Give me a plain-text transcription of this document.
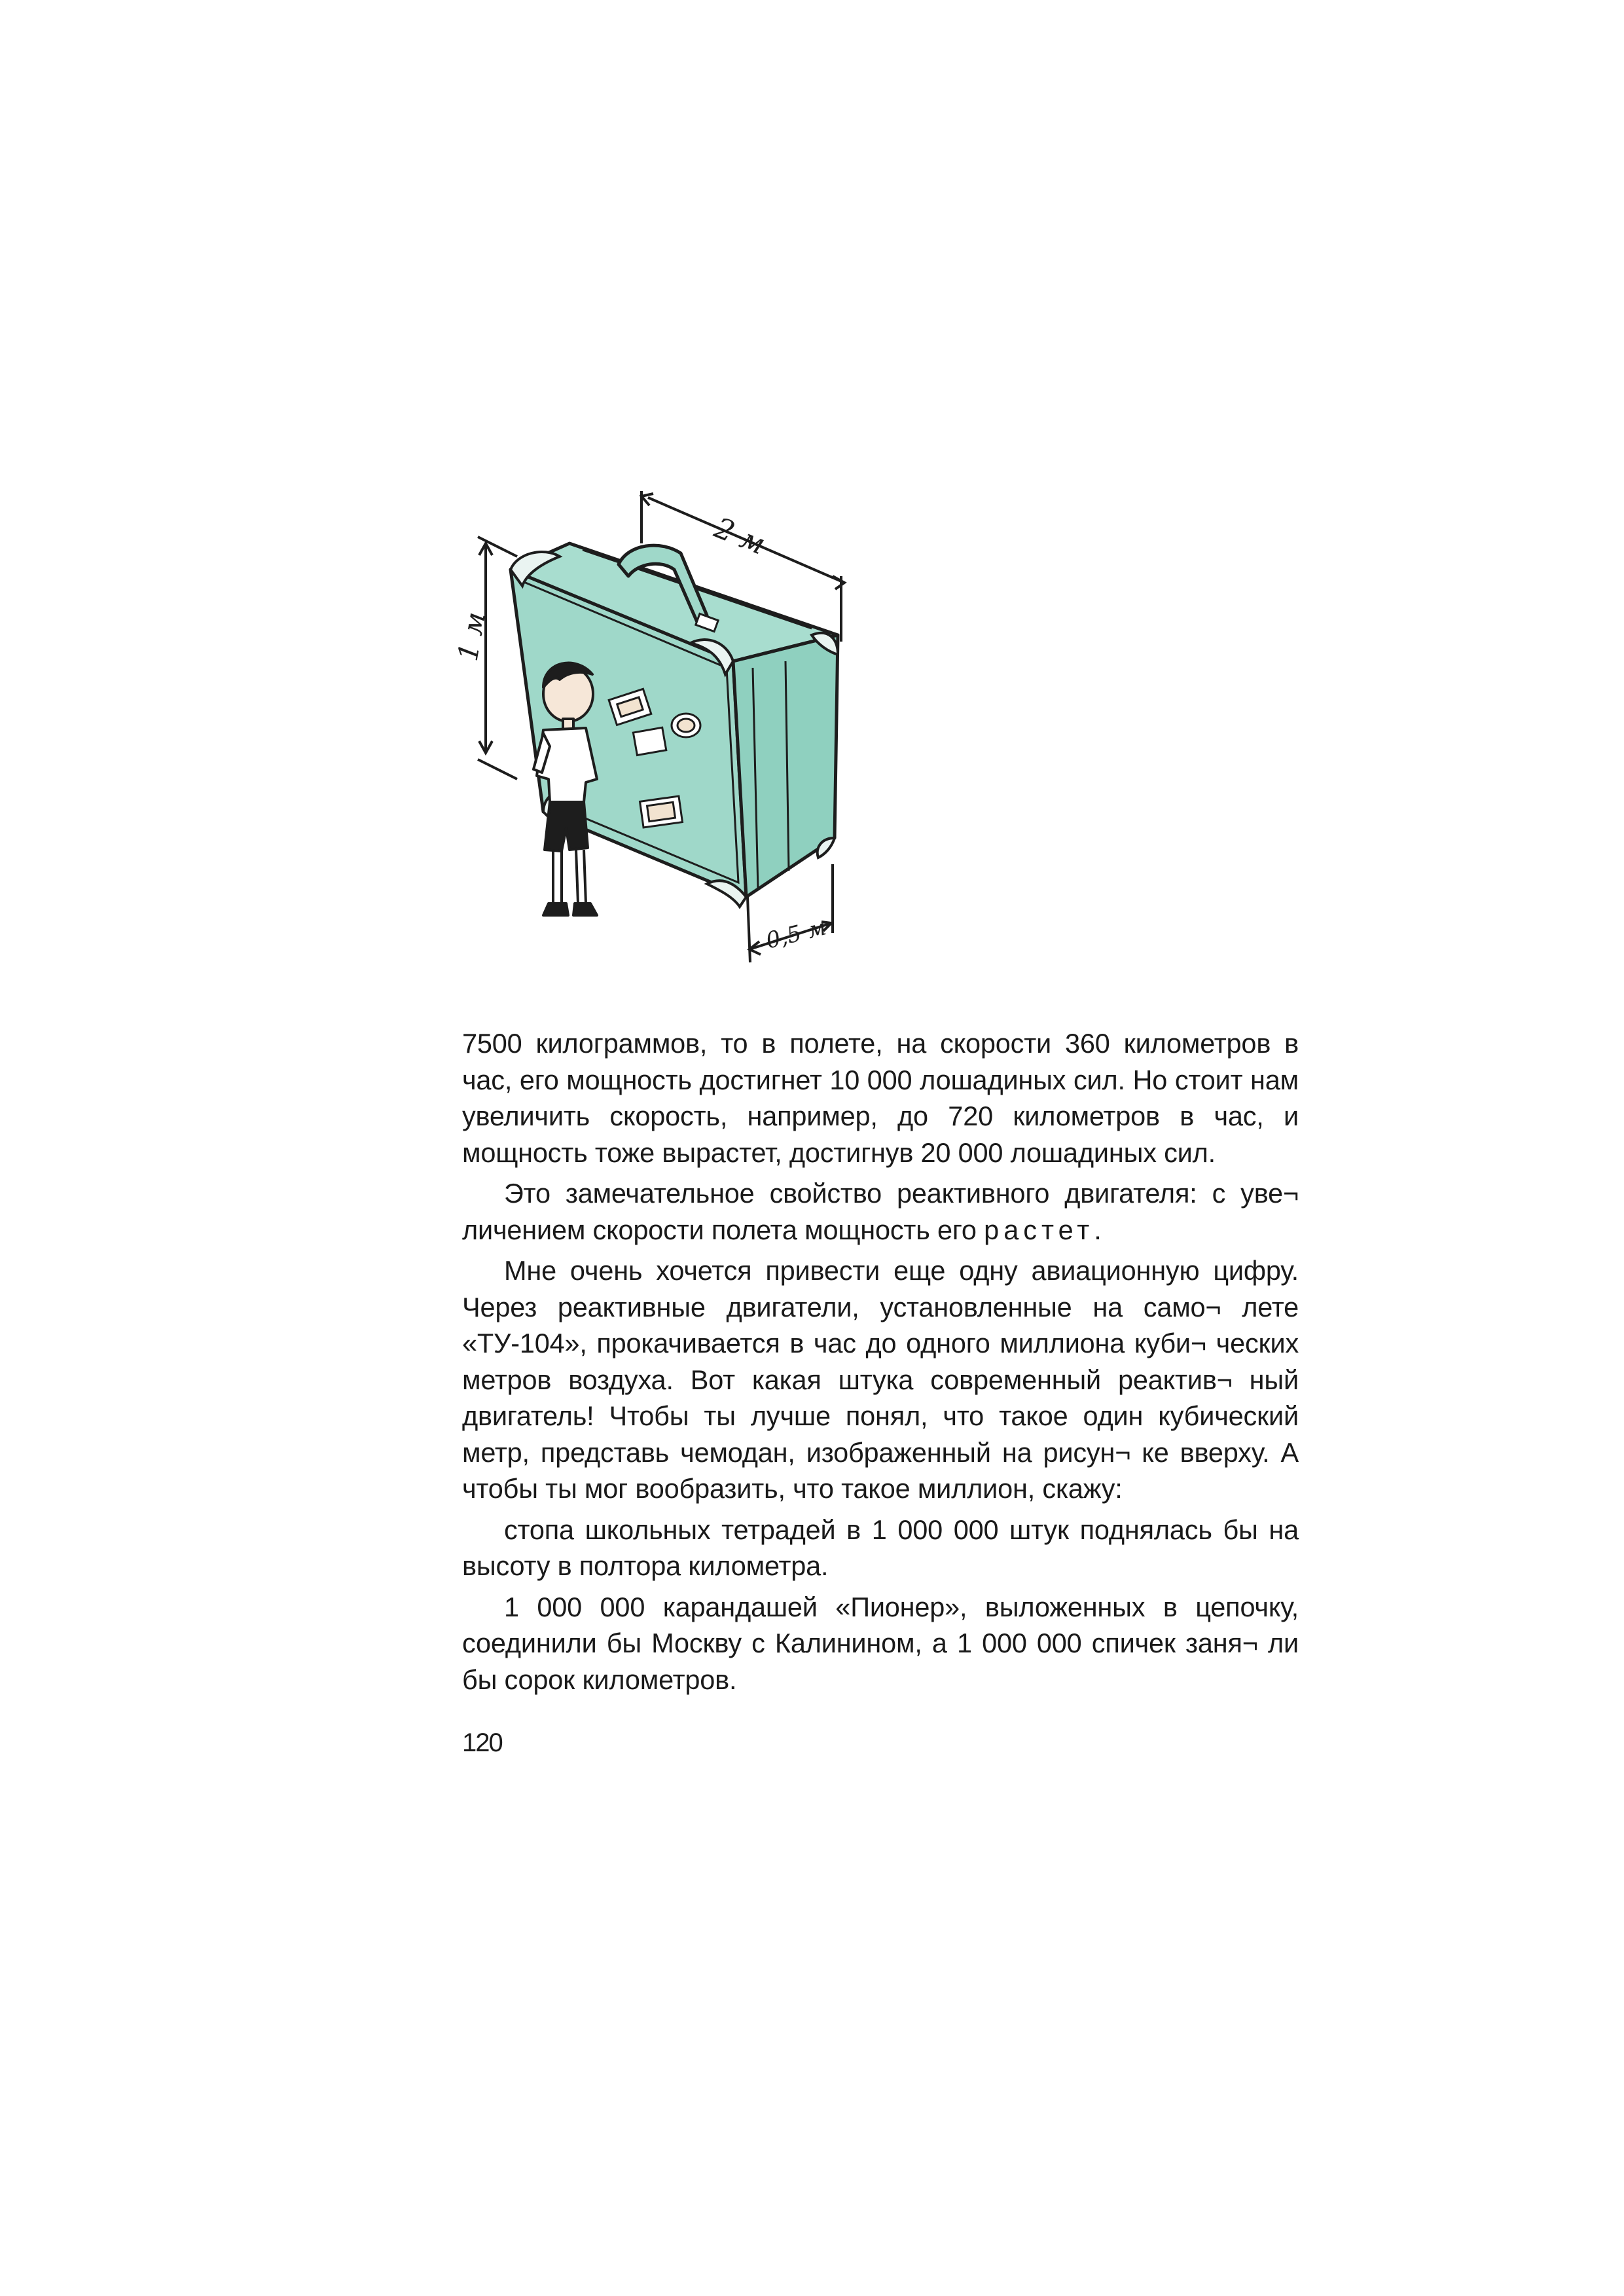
1 м
2 м
0,5 м

7500 килограммов, то в полете, на скорости 360 километров в час, его мощность достигнет 10 000 лошадиных сил. Но стоит нам увеличить скорость, например, до 720 километров в час, и мощность тоже вырастет, достигнув 20 000 лошадиных сил.

Это замечательное свойство реактивного двигателя: с уве¬ личением скорости полета мощность его растет.

Мне очень хочется привести еще одну авиационную цифру. Через реактивные двигатели, установленные на само¬ лете «ТУ-104», прокачивается в час до одного миллиона куби¬ ческих метров воздуха. Вот какая штука современный реактив¬ ный двигатель! Чтобы ты лучше понял, что такое один кубический метр, представь чемодан, изображенный на рисун¬ ке вверху. А чтобы ты мог вообразить, что такое миллион, скажу:

стопа школьных тетрадей в 1 000 000 штук поднялась бы на высоту в полтора километра.

1 000 000 карандашей «Пионер», выложенных в цепочку, соединили бы Москву с Калинином, а 1 000 000 спичек заня¬ ли бы сорок километров.

120
